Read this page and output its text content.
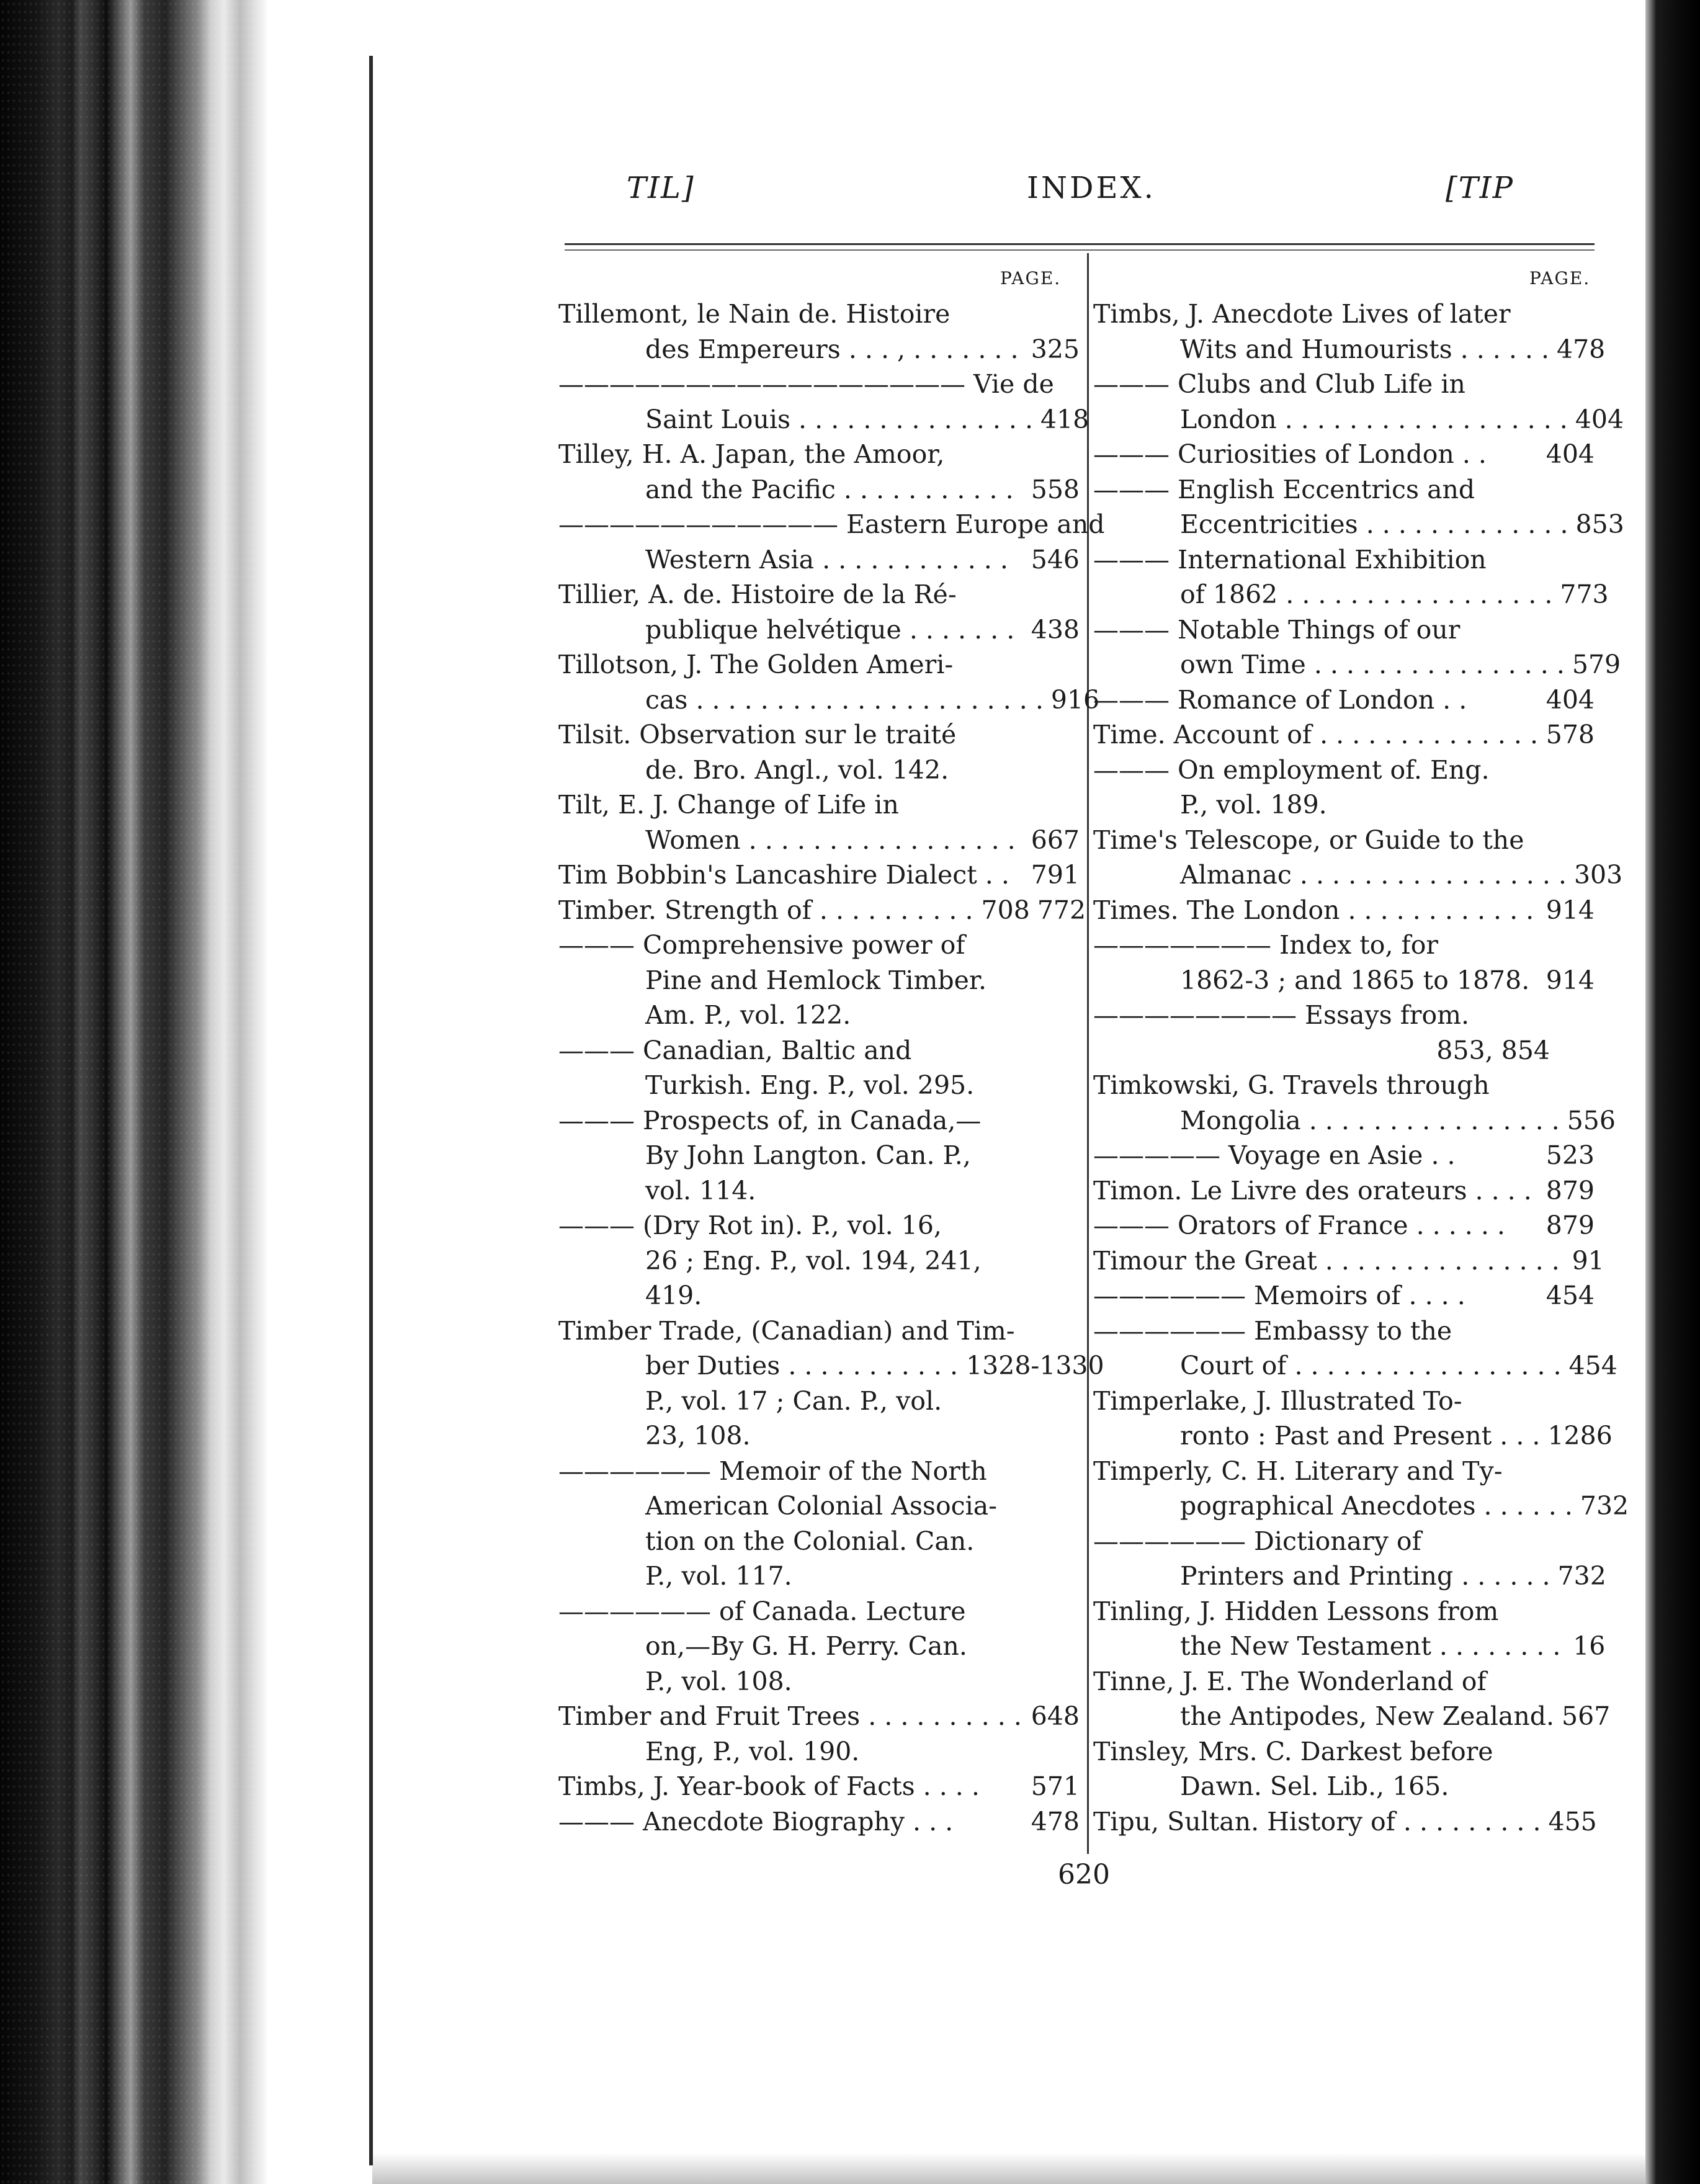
TIL]	INDEX.	[TIP
PAGE.	PAGE.
Tillemont, le Nain de. Histoire
des Empereurs . . . , . . . . . . . 325
———————————————— Vie de
Saint Louis . . . . . . . . . . . . . . . 418
Tilley, H. A. Japan, the Amoor,
and the Pacific . . . . . . . . . . . 558
——————————— Eastern Europe and
Western Asia . . . . . . . . . . . . 546
Tillier, A. de. Histoire de la Ré-
publique helvétique . . . . . . . 438
Tillotson, J. The Golden Ameri-
cas . . . . . . . . . . . . . . . . . . . . . . 916
Tilsit. Observation sur le traité
de. Bro. Angl., vol. 142.
Tilt, E. J. Change of Life in
Women . . . . . . . . . . . . . . . . . 667
Tim Bobbin's Lancashire Dialect . . 791
Timber. Strength of . . . . . . . . . . 708 772
——— Comprehensive power of
Pine and Hemlock Timber.
Am. P., vol. 122.
——— Canadian, Baltic and
Turkish. Eng. P., vol. 295.
——— Prospects of, in Canada,—
By John Langton. Can. P.,
vol. 114.
——— (Dry Rot in). P., vol. 16,
26 ; Eng. P., vol. 194, 241,
419.
Timber Trade, (Canadian) and Tim-
ber Duties . . . . . . . . . . . 1328-1330
P., vol. 17 ; Can. P., vol.
23, 108.
—————— Memoir of the North
American Colonial Associa-
tion on the Colonial. Can.
P., vol. 117.
—————— of Canada. Lecture
on,—By G. H. Perry. Can.
P., vol. 108.
Timber and Fruit Trees . . . . . . . . . . 648
Eng, P., vol. 190.
Timbs, J. Year-book of Facts . . . .	571
——— Anecdote Biography . . .	478
Timbs, J. Anecdote Lives of later
Wits and Humourists . . . . . . 478
——— Clubs and Club Life in
London . . . . . . . . . . . . . . . . . . 404
——— Curiosities of London . .	404
——— English Eccentrics and
Eccentricities . . . . . . . . . . . . . 853
——— International Exhibition
of 1862 . . . . . . . . . . . . . . . . . 773
——— Notable Things of our
own Time . . . . . . . . . . . . . . . . 579
——— Romance of London . .	404
Time. Account of . . . . . . . . . . . . . . 578
——— On employment of. Eng.
P., vol. 189.
Time's Telescope, or Guide to the
Almanac . . . . . . . . . . . . . . . . . 303
Times. The London . . . . . . . . . . . . 914
——————— Index to, for
1862-3 ; and 1865 to 1878. 914
———————— Essays from.
853, 854
Timkowski, G. Travels through
Mongolia . . . . . . . . . . . . . . . . 556
————— Voyage en Asie . .	523
Timon. Le Livre des orateurs . . . . 879
——— Orators of France . . . . . .	879
Timour the Great . . . . . . . . . . . . . . . 91
—————— Memoirs of . . . .	454
—————— Embassy to the
Court of . . . . . . . . . . . . . . . . . 454
Timperlake, J. Illustrated To-
ronto : Past and Present . . . 1286
Timperly, C. H. Literary and Ty-
pographical Anecdotes . . . . . . 732
—————— Dictionary of
Printers and Printing . . . . . . 732
Tinling, J. Hidden Lessons from
the New Testament . . . . . . . . 16
Tinne, J. E. The Wonderland of
the Antipodes, New Zealand. 567
Tinsley, Mrs. C. Darkest before
Dawn. Sel. Lib., 165.
Tipu, Sultan. History of . . . . . . . . . 455
620
